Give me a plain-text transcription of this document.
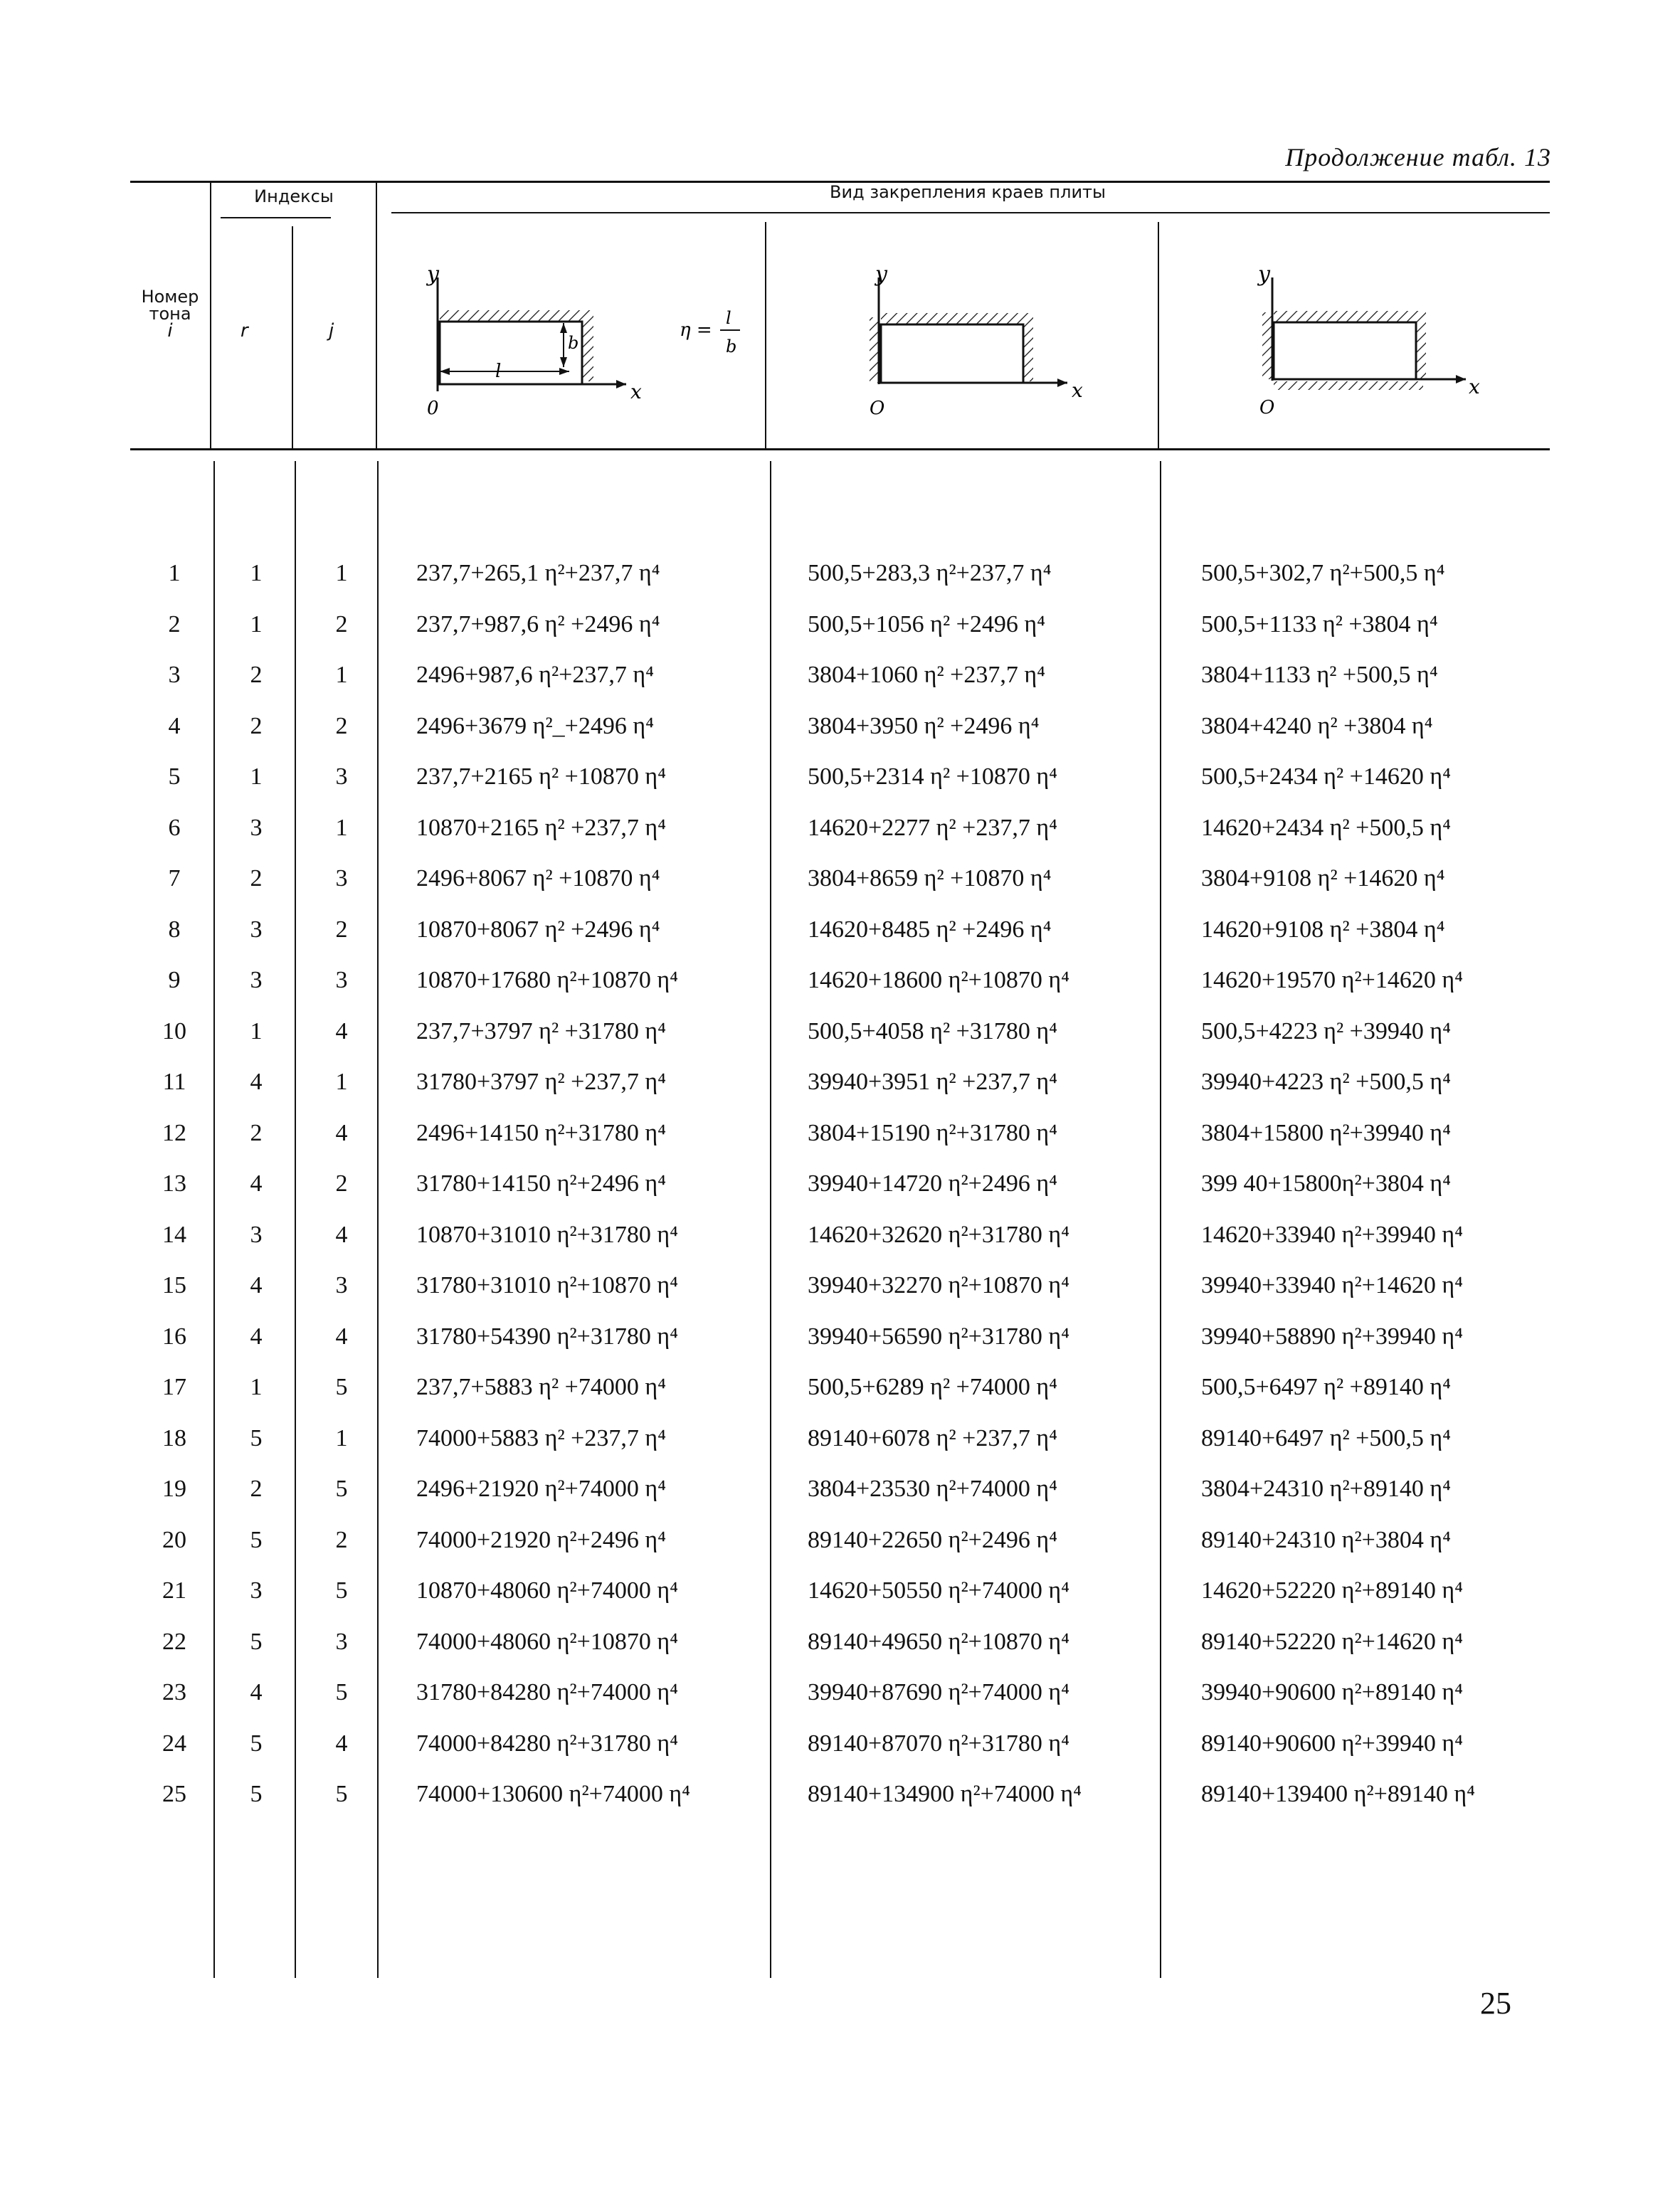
Продолжение табл. 13
Номер
тона
i
Индексы
r	j
Вид закрепления краев плиты
y
x
0
l
b
η =
l
b
y
x
O
y
x
O
1	1	1	237,7+265,1 η²+237,7 η⁴	500,5+283,3 η²+237,7 η⁴	500,5+302,7 η²+500,5 η⁴
2	1	2	237,7+987,6 η² +2496 η⁴	500,5+1056 η² +2496 η⁴	500,5+1133 η² +3804 η⁴
3	2	1	2496+987,6 η²+237,7 η⁴	3804+1060 η² +237,7 η⁴	3804+1133 η² +500,5 η⁴
4	2	2	2496+3679 η²_+2496 η⁴	3804+3950 η² +2496 η⁴	3804+4240 η² +3804 η⁴
5	1	3	237,7+2165 η² +10870 η⁴	500,5+2314 η² +10870 η⁴	500,5+2434 η² +14620 η⁴
6	3	1	10870+2165 η² +237,7 η⁴	14620+2277 η² +237,7 η⁴	14620+2434 η² +500,5 η⁴
7	2	3	2496+8067 η² +10870 η⁴	3804+8659 η² +10870 η⁴	3804+9108 η² +14620 η⁴
8	3	2	10870+8067 η² +2496 η⁴	14620+8485 η² +2496 η⁴	14620+9108 η² +3804 η⁴
9	3	3	10870+17680 η²+10870 η⁴	14620+18600 η²+10870 η⁴	14620+19570 η²+14620 η⁴
10	1	4	237,7+3797 η² +31780 η⁴	500,5+4058 η² +31780 η⁴	500,5+4223 η² +39940 η⁴
11	4	1	31780+3797 η² +237,7 η⁴	39940+3951 η² +237,7 η⁴	39940+4223 η² +500,5 η⁴
12	2	4	2496+14150 η²+31780 η⁴	3804+15190 η²+31780 η⁴	3804+15800 η²+39940 η⁴
13	4	2	31780+14150 η²+2496 η⁴	39940+14720 η²+2496 η⁴	399 40+15800η²+3804 η⁴
14	3	4	10870+31010 η²+31780 η⁴	14620+32620 η²+31780 η⁴	14620+33940 η²+39940 η⁴
15	4	3	31780+31010 η²+10870 η⁴	39940+32270 η²+10870 η⁴	39940+33940 η²+14620 η⁴
16	4	4	31780+54390 η²+31780 η⁴	39940+56590 η²+31780 η⁴	39940+58890 η²+39940 η⁴
17	1	5	237,7+5883 η² +74000 η⁴	500,5+6289 η² +74000 η⁴	500,5+6497 η² +89140 η⁴
18	5	1	74000+5883 η² +237,7 η⁴	89140+6078 η² +237,7 η⁴	89140+6497 η² +500,5 η⁴
19	2	5	2496+21920 η²+74000 η⁴	3804+23530 η²+74000 η⁴	3804+24310 η²+89140 η⁴
20	5	2	74000+21920 η²+2496 η⁴	89140+22650 η²+2496 η⁴	89140+24310 η²+3804 η⁴
21	3	5	10870+48060 η²+74000 η⁴	14620+50550 η²+74000 η⁴	14620+52220 η²+89140 η⁴
22	5	3	74000+48060 η²+10870 η⁴	89140+49650 η²+10870 η⁴	89140+52220 η²+14620 η⁴
23	4	5	31780+84280 η²+74000 η⁴	39940+87690 η²+74000 η⁴	39940+90600 η²+89140 η⁴
24	5	4	74000+84280 η²+31780 η⁴	89140+87070 η²+31780 η⁴	89140+90600 η²+39940 η⁴
25	5	5	74000+130600 η²+74000 η⁴	89140+134900 η²+74000 η⁴	89140+139400 η²+89140 η⁴
25
